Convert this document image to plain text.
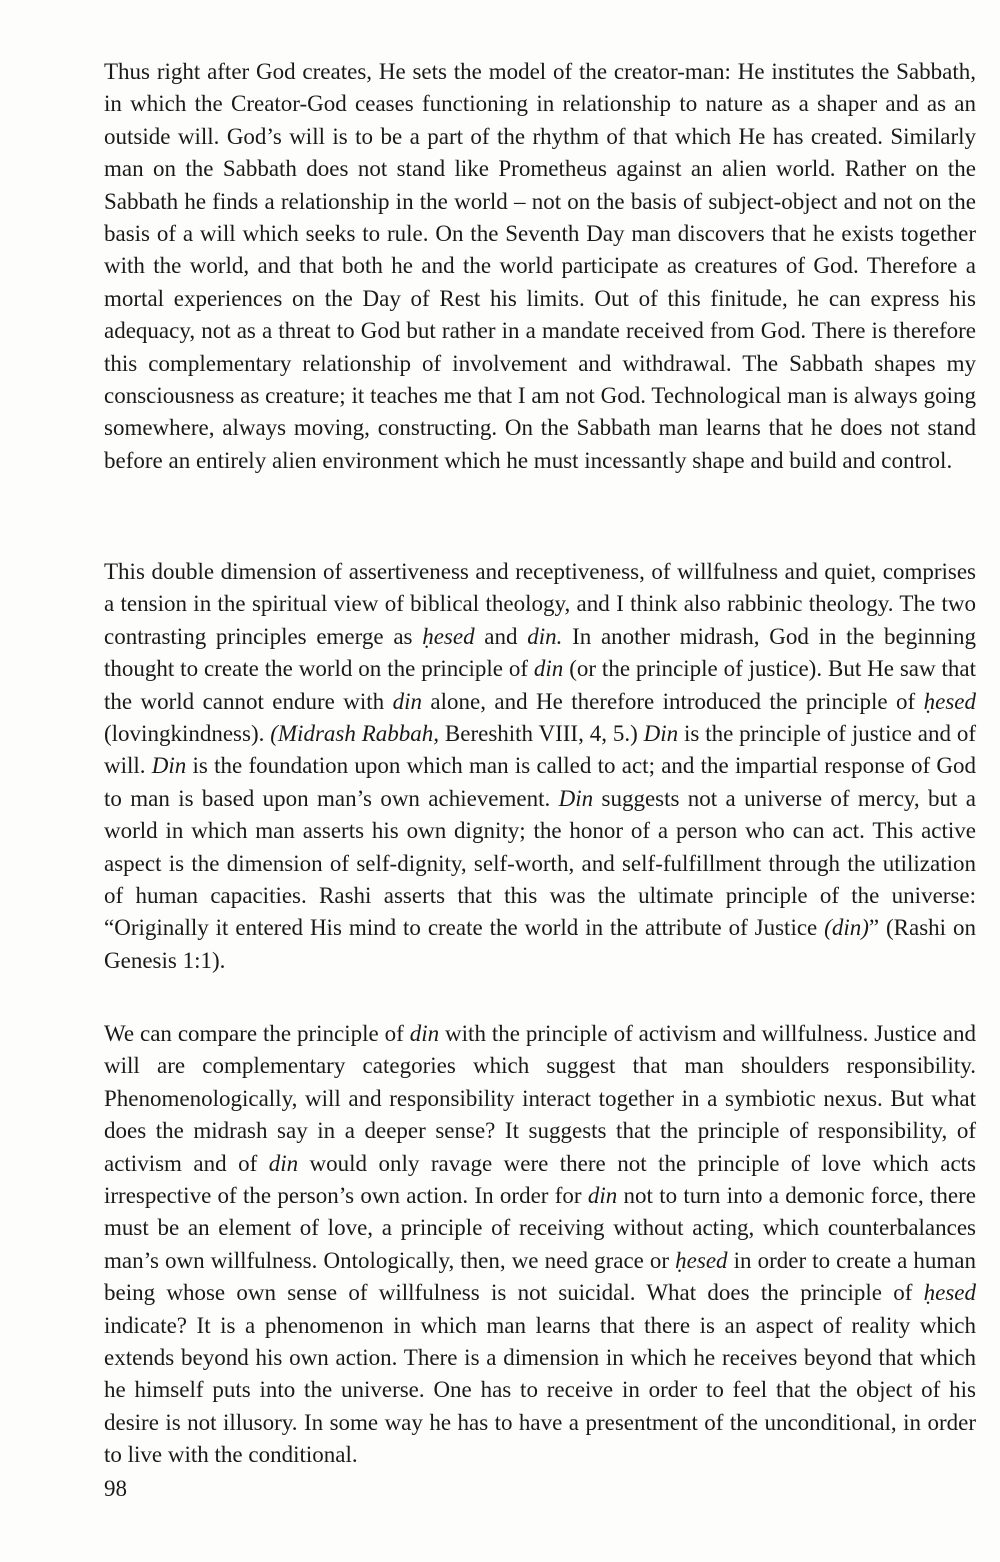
Thus right after God creates, He sets the model of the creator-man: He institutes the Sabbath, in which the Creator-God ceases functioning in relationship to nature as a shaper and as an outside will. God’s will is to be a part of the rhythm of that which He has created. Similarly man on the Sabbath does not stand like Prometheus against an alien world. Rather on the Sabbath he finds a relationship in the world – not on the basis of subject-object and not on the basis of a will which seeks to rule. On the Seventh Day man discovers that he exists together with the world, and that both he and the world participate as creatures of God. Therefore a mortal experiences on the Day of Rest his limits. Out of this finitude, he can express his adequacy, not as a threat to God but rather in a mandate received from God. There is therefore this complementary relationship of involvement and withdrawal. The Sabbath shapes my consciousness as creature; it teaches me that I am not God. Technological man is always going somewhere, always moving, constructing. On the Sabbath man learns that he does not stand before an entirely alien environment which he must incessantly shape and build and control.

This double dimension of assertiveness and receptiveness, of willfulness and quiet, comprises a tension in the spiritual view of biblical theology, and I think also rabbinic theology. The two contrasting principles emerge as ḥesed and din. In another midrash, God in the beginning thought to create the world on the principle of din (or the principle of justice). But He saw that the world cannot endure with din alone, and He therefore introduced the principle of ḥesed (lovingkindness). (Midrash Rabbah, Bereshith VIII, 4, 5.) Din is the principle of justice and of will. Din is the foundation upon which man is called to act; and the impartial response of God to man is based upon man’s own achievement. Din suggests not a universe of mercy, but a world in which man asserts his own dignity; the honor of a person who can act. This active aspect is the dimension of self-dignity, self-worth, and self-fulfillment through the utilization of human capacities. Rashi asserts that this was the ultimate principle of the universe: “Originally it entered His mind to create the world in the attribute of Justice (din)” (Rashi on Genesis 1:1).

We can compare the principle of din with the principle of activism and willfulness. Justice and will are complementary categories which suggest that man shoulders responsibility. Phenomenologically, will and responsibility interact together in a symbiotic nexus. But what does the midrash say in a deeper sense? It suggests that the principle of responsibility, of activism and of din would only ravage were there not the principle of love which acts irrespective of the person’s own action. In order for din not to turn into a demonic force, there must be an element of love, a principle of receiving without acting, which counterbalances man’s own willfulness. Ontologically, then, we need grace or ḥesed in order to create a human being whose own sense of willfulness is not suicidal. What does the principle of ḥesed indicate? It is a phenomenon in which man learns that there is an aspect of reality which extends beyond his own action. There is a dimension in which he receives beyond that which he himself puts into the universe. One has to receive in order to feel that the object of his desire is not illusory. In some way he has to have a presentment of the unconditional, in order to live with the conditional.

98
